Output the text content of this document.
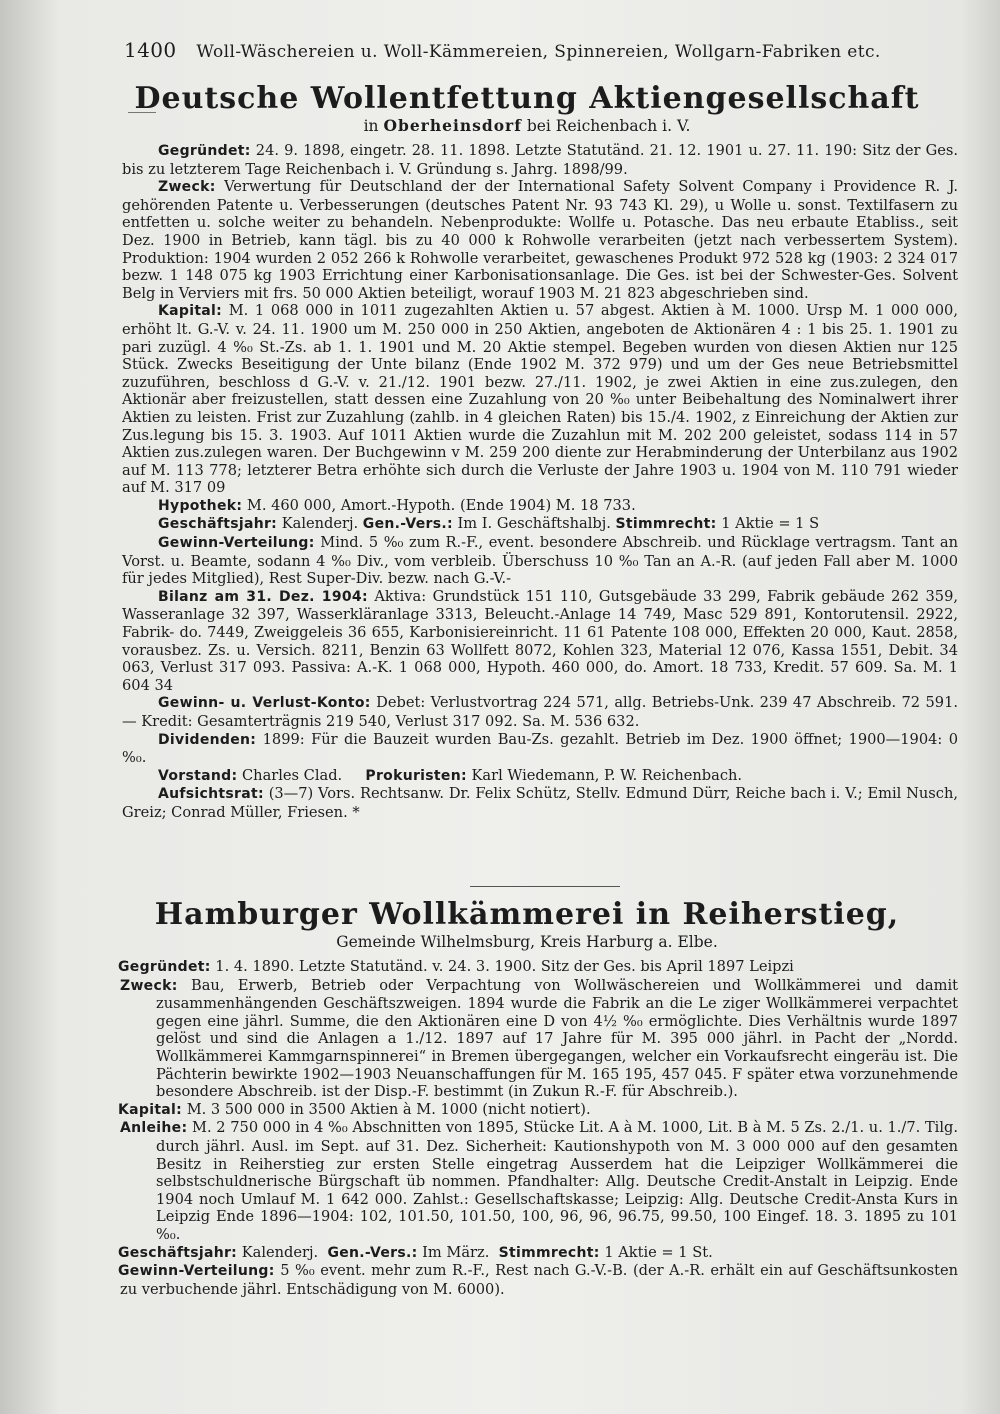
1400 Woll-Wäschereien u. Woll-Kämmereien, Spinnereien, Wollgarn-Fabriken etc.
Deutsche Wollentfettung Aktiengesellschaft
in Oberheinsdorf bei Reichenbach i. V.

Gegründet: 24. 9. 1898, eingetr. 28. 11. 1898. Letzte Statutänd. 21. 12. 1901 u. 27. 11. 190: Sitz der Ges. bis zu letzterem Tage Reichenbach i. V. Gründung s. Jahrg. 1898/99.

Zweck: Verwertung für Deutschland der der International Safety Solvent Company i Providence R. J. gehörenden Patente u. Verbesserungen (deutsches Patent Nr. 93 743 Kl. 29), u Wolle u. sonst. Textilfasern zu entfetten u. solche weiter zu behandeln. Nebenprodukte: Wollfe u. Potasche. Das neu erbaute Etabliss., seit Dez. 1900 in Betrieb, kann tägl. bis zu 40 000 k Rohwolle verarbeiten (jetzt nach verbessertem System). Produktion: 1904 wurden 2 052 266 k Rohwolle verarbeitet, gewaschenes Produkt 972 528 kg (1903: 2 324 017 bezw. 1 148 075 kg 1903 Errichtung einer Karbonisationsanlage. Die Ges. ist bei der Schwester-Ges. Solvent Belg in Verviers mit frs. 50 000 Aktien beteiligt, worauf 1903 M. 21 823 abgeschrieben sind.

Kapital: M. 1 068 000 in 1011 zugezahlten Aktien u. 57 abgest. Aktien à M. 1000. Ursp M. 1 000 000, erhöht lt. G.-V. v. 24. 11. 1900 um M. 250 000 in 250 Aktien, angeboten de Aktionären 4 : 1 bis 25. 1. 1901 zu pari zuzügl. 4 %₀ St.-Zs. ab 1. 1. 1901 und M. 20 Aktie stempel. Begeben wurden von diesen Aktien nur 125 Stück. Zwecks Beseitigung der Unte bilanz (Ende 1902 M. 372 979) und um der Ges neue Betriebsmittel zuzuführen, beschloss d G.-V. v. 21./12. 1901 bezw. 27./11. 1902, je zwei Aktien in eine zus.zulegen, den Aktionär aber freizustellen, statt dessen eine Zuzahlung von 20 %₀ unter Beibehaltung des Nominalwert ihrer Aktien zu leisten. Frist zur Zuzahlung (zahlb. in 4 gleichen Raten) bis 15./4. 1902, z Einreichung der Aktien zur Zus.legung bis 15. 3. 1903. Auf 1011 Aktien wurde die Zuzahlun mit M. 202 200 geleistet, sodass 114 in 57 Aktien zus.zulegen waren. Der Buchgewinn v M. 259 200 diente zur Herabminderung der Unterbilanz aus 1902 auf M. 113 778; letzterer Betra erhöhte sich durch die Verluste der Jahre 1903 u. 1904 von M. 110 791 wieder auf M. 317 09

Hypothek: M. 460 000, Amort.-Hypoth. (Ende 1904) M. 18 733.

Geschäftsjahr: Kalenderj. Gen.-Vers.: Im I. Geschäftshalbj. Stimmrecht: 1 Aktie = 1 S

Gewinn-Verteilung: Mind. 5 %₀ zum R.-F., event. besondere Abschreib. und Rücklage vertragsm. Tant an Vorst. u. Beamte, sodann 4 %₀ Div., vom verbleib. Überschuss 10 %₀ Tan an A.-R. (auf jeden Fall aber M. 1000 für jedes Mitglied), Rest Super-Div. bezw. nach G.-V.-

Bilanz am 31. Dez. 1904: Aktiva: Grundstück 151 110, Gutsgebäude 33 299, Fabrik gebäude 262 359, Wasseranlage 32 397, Wasserkläranlage 3313, Beleucht.-Anlage 14 749, Masc 529 891, Kontorutensil. 2922, Fabrik- do. 7449, Zweiggeleis 36 655, Karbonisiereinricht. 11 61 Patente 108 000, Effekten 20 000, Kaut. 2858, vorausbez. Zs. u. Versich. 8211, Benzin 63 Wollfett 8072, Kohlen 323, Material 12 076, Kassa 1551, Debit. 34 063, Verlust 317 093. Passiva: A.-K. 1 068 000, Hypoth. 460 000, do. Amort. 18 733, Kredit. 57 609. Sa. M. 1 604 34

Gewinn- u. Verlust-Konto: Debet: Verlustvortrag 224 571, allg. Betriebs-Unk. 239 47 Abschreib. 72 591. — Kredit: Gesamterträgnis 219 540, Verlust 317 092. Sa. M. 536 632.

Dividenden: 1899: Für die Bauzeit wurden Bau-Zs. gezahlt. Betrieb im Dez. 1900 öffnet; 1900—1904: 0 %₀.

Vorstand: Charles Clad. Prokuristen: Karl Wiedemann, P. W. Reichenbach.

Aufsichtsrat: (3—7) Vors. Rechtsanw. Dr. Felix Schütz, Stellv. Edmund Dürr, Reiche bach i. V.; Emil Nusch, Greiz; Conrad Müller, Friesen. *

Hamburger Wollkämmerei in Reiherstieg,
Gemeinde Wilhelmsburg, Kreis Harburg a. Elbe.

Gegründet: 1. 4. 1890. Letzte Statutänd. v. 24. 3. 1900. Sitz der Ges. bis April 1897 Leipzi

Zweck: Bau, Erwerb, Betrieb oder Verpachtung von Wollwäschereien und Wollkämmerei und damit zusammenhängenden Geschäftszweigen. 1894 wurde die Fabrik an die Le ziger Wollkämmerei verpachtet gegen eine jährl. Summe, die den Aktionären eine D von 4½ %₀ ermöglichte. Dies Verhältnis wurde 1897 gelöst und sind die Anlagen a 1./12. 1897 auf 17 Jahre für M. 395 000 jährl. in Pacht der „Nordd. Wollkämmerei Kammgarnspinnerei“ in Bremen übergegangen, welcher ein Vorkaufsrecht eingeräu ist. Die Pächterin bewirkte 1902—1903 Neuanschaffungen für M. 165 195, 457 045. F später etwa vorzunehmende besondere Abschreib. ist der Disp.-F. bestimmt (in Zukun R.-F. für Abschreib.).

Kapital: M. 3 500 000 in 3500 Aktien à M. 1000 (nicht notiert).

Anleihe: M. 2 750 000 in 4 %₀ Abschnitten von 1895, Stücke Lit. A à M. 1000, Lit. B à M. 5 Zs. 2./1. u. 1./7. Tilg. durch jährl. Ausl. im Sept. auf 31. Dez. Sicherheit: Kautionshypoth von M. 3 000 000 auf den gesamten Besitz in Reiherstieg zur ersten Stelle eingetrag Ausserdem hat die Leipziger Wollkämmerei die selbstschuldnerische Bürgschaft üb nommen. Pfandhalter: Allg. Deutsche Credit-Anstalt in Leipzig. Ende 1904 noch Umlauf M. 1 642 000. Zahlst.: Gesellschaftskasse; Leipzig: Allg. Deutsche Credit-Ansta Kurs in Leipzig Ende 1896—1904: 102, 101.50, 101.50, 100, 96, 96, 96.75, 99.50, 100 Eingef. 18. 3. 1895 zu 101 %₀.

Geschäftsjahr: Kalenderj. Gen.-Vers.: Im März. Stimmrecht: 1 Aktie = 1 St.

Gewinn-Verteilung: 5 %₀ event. mehr zum R.-F., Rest nach G.-V.-B. (der A.-R. erhält ein auf Geschäftsunkosten zu verbuchende jährl. Entschädigung von M. 6000).
